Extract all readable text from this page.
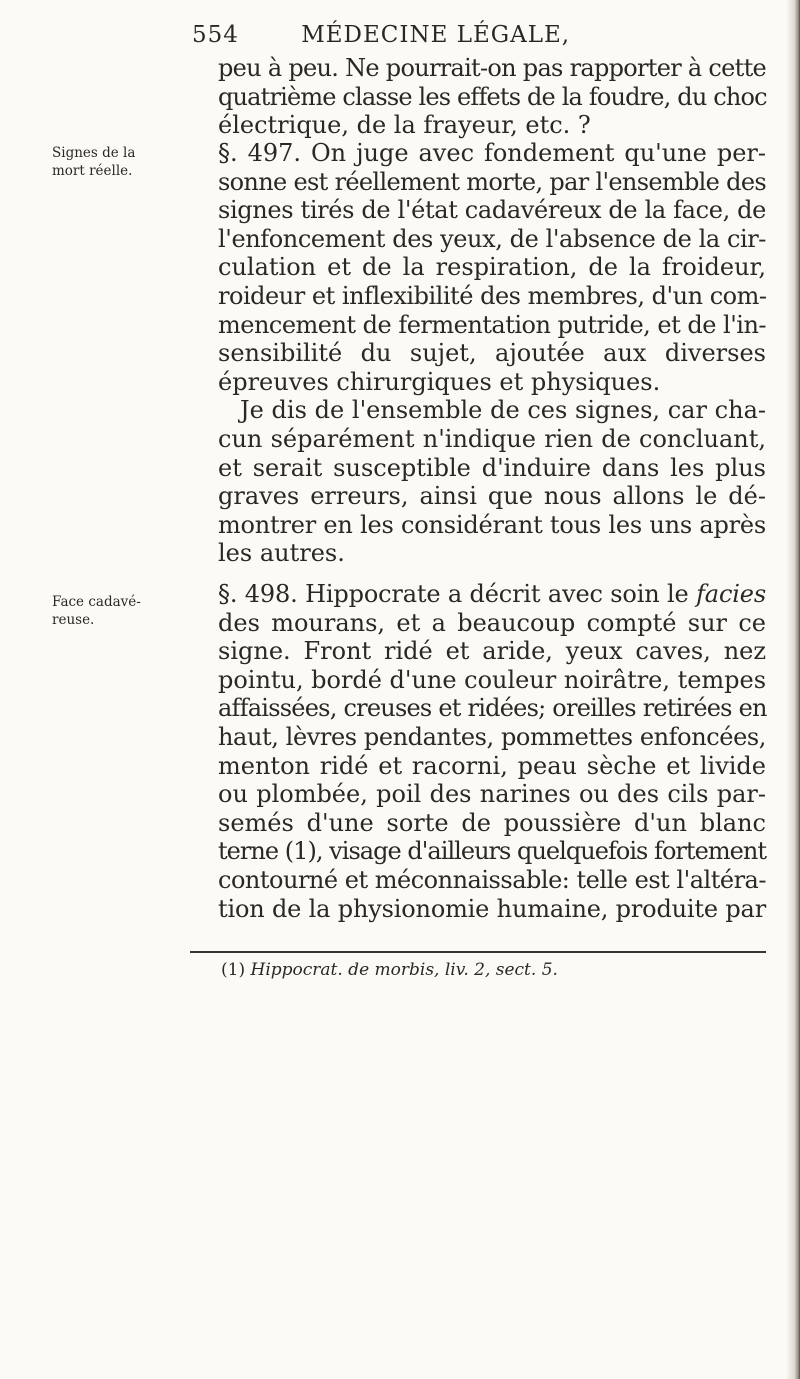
554	MÉDECINE LÉGALE,
peu à peu. Ne pourrait-on pas rapporter à cette
quatrième classe les effets de la foudre, du choc
électrique, de la frayeur, etc. ?
Signes de la
mort réelle.
§. 497. On juge avec fondement qu'une per-
sonne est réellement morte, par l'ensemble des
signes tirés de l'état cadavéreux de la face, de
l'enfoncement des yeux, de l'absence de la cir-
culation et de la respiration, de la froideur,
roideur et inflexibilité des membres, d'un com-
mencement de fermentation putride, et de l'in-
sensibilité du sujet, ajoutée aux diverses
épreuves chirurgiques et physiques.
Je dis de l'ensemble de ces signes, car cha-
cun séparément n'indique rien de concluant,
et serait susceptible d'induire dans les plus
graves erreurs, ainsi que nous allons le dé-
montrer en les considérant tous les uns après
les autres.
Face cadavé-
reuse.
§. 498. Hippocrate a décrit avec soin le facies
des mourans, et a beaucoup compté sur ce
signe. Front ridé et aride, yeux caves, nez
pointu, bordé d'une couleur noirâtre, tempes
affaissées, creuses et ridées; oreilles retirées en
haut, lèvres pendantes, pommettes enfoncées,
menton ridé et racorni, peau sèche et livide
ou plombée, poil des narines ou des cils par-
semés d'une sorte de poussière d'un blanc
terne (1), visage d'ailleurs quelquefois fortement
contourné et méconnaissable: telle est l'altéra-
tion de la physionomie humaine, produite par
(1) Hippocrat. de morbis, liv. 2, sect. 5.
